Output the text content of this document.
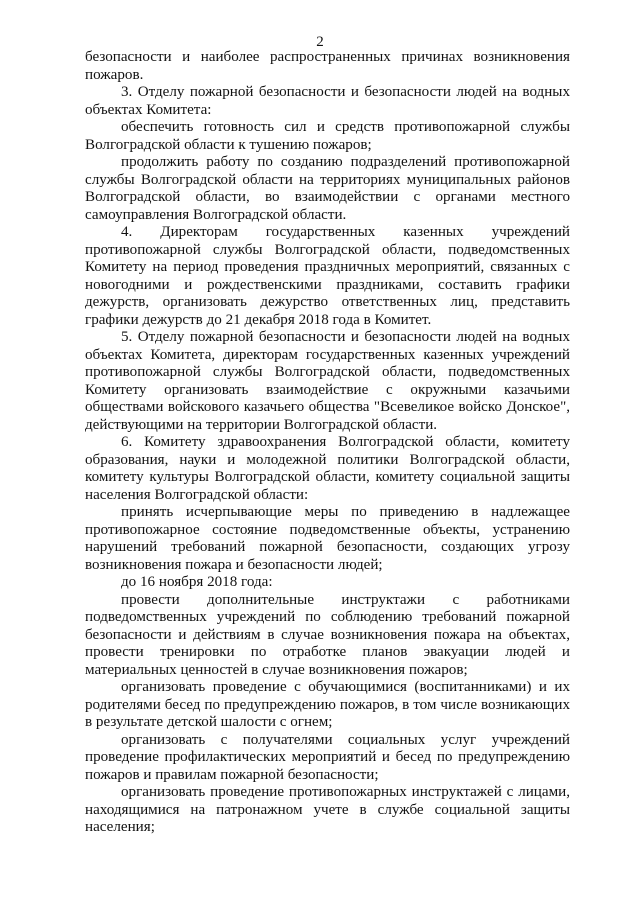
2

безопасности и наиболее распространенных причинах возникновения пожаров.

3. Отделу пожарной безопасности и безопасности людей на водных объектах Комитета:

обеспечить готовность сил и средств противопожарной службы Волгоградской области к тушению пожаров;

продолжить работу по созданию подразделений противопожарной службы Волгоградской области на территориях муниципальных районов Волгоградской области, во взаимодействии с органами местного самоуправления Волгоградской области.

4. Директорам государственных казенных учреждений противопожарной службы Волгоградской области, подведомственных Комитету на период проведения праздничных мероприятий, связанных с новогодними и рождественскими праздниками, составить графики дежурств, организовать дежурство ответственных лиц, представить графики дежурств до 21 декабря 2018 года в Комитет.

5. Отделу пожарной безопасности и безопасности людей на водных объектах Комитета, директорам государственных казенных учреждений противопожарной службы Волгоградской области, подведомственных Комитету организовать взаимодействие с окружными казачьими обществами войскового казачьего общества "Всевеликое войско Донское", действующими на территории Волгоградской области.

6. Комитету здравоохранения Волгоградской области, комитету образования, науки и молодежной политики Волгоградской области, комитету культуры Волгоградской области, комитету социальной защиты населения Волгоградской области:

принять исчерпывающие меры по приведению в надлежащее противопожарное состояние подведомственные объекты, устранению нарушений требований пожарной безопасности, создающих угрозу возникновения пожара и безопасности людей;

до 16 ноября 2018 года:

провести дополнительные инструктажи с работниками подведомственных учреждений по соблюдению требований пожарной безопасности и действиям в случае возникновения пожара на объектах, провести тренировки по отработке планов эвакуации людей и материальных ценностей в случае возникновения пожаров;

организовать проведение с обучающимися (воспитанниками) и их родителями бесед по предупреждению пожаров, в том числе возникающих в результате детской шалости с огнем;

организовать с получателями социальных услуг учреждений проведение профилактических мероприятий и бесед по предупреждению пожаров и правилам пожарной безопасности;

организовать проведение противопожарных инструктажей с лицами, находящимися на патронажном учете в службе социальной защиты населения;
